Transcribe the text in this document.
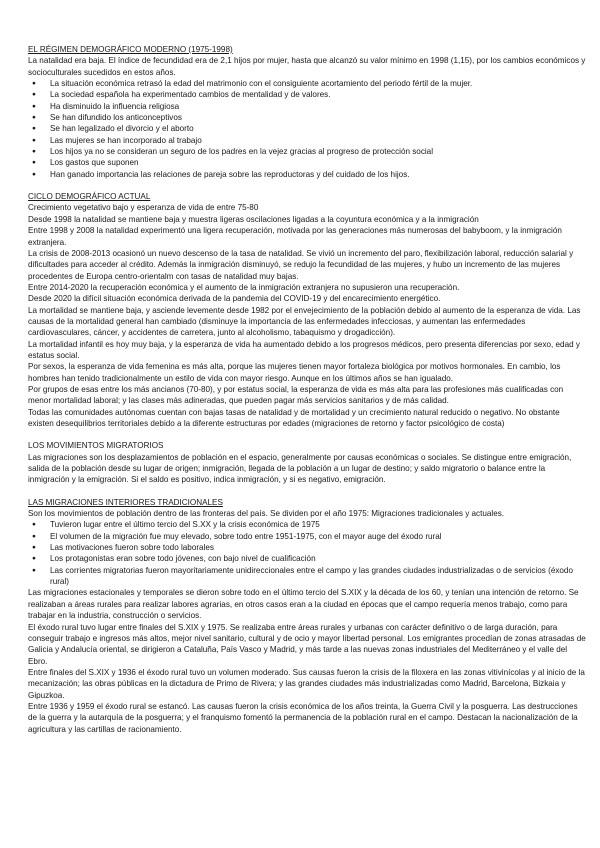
EL RÉGIMEN DEMOGRÁFICO MODERNO (1975-1998)

La natalidad era baja. El índice de fecundidad era de 2,1 hijos por mujer, hasta que alcanzó su valor mínimo en 1998 (1,15), por los cambios económicos y socioculturales sucedidos en estos años.

● La situación económica retrasó la edad del matrimonio con el consiguiente acortamiento del periodo fértil de la mujer.
● La sociedad española ha experimentado cambios de mentalidad y de valores.
● Ha disminuido la influencia religiosa
● Se han difundido los anticonceptivos
● Se han legalizado el divorcio y el aborto
● Las mujeres se han incorporado al trabajo
● Los hijos ya no se consideran un seguro de los padres en la vejez gracias al progreso de protección social
● Los gastos que suponen
● Han ganado importancia las relaciones de pareja sobre las reproductoras y del cuidado de los hijos.

CICLO DEMOGRÁFICO ACTUAL

Crecimiento vegetativo bajo y esperanza de vida de entre 75-80

Desde 1998 la natalidad se mantiene baja y muestra ligeras oscilaciones ligadas a la coyuntura económica y a la inmigración

Entre 1998 y 2008 la natalidad experimentó una ligera recuperación, motivada por las generaciones más numerosas del babyboom, y la inmigración extranjera.

La crisis de 2008-2013 ocasionó un nuevo descenso de la tasa de natalidad. Se vivió un incremento del paro, flexibilización laboral, reducción salarial y dificultades para acceder al crédito. Además la inmigración disminuyó, se redujo la fecundidad de las mujeres, y hubo un incremento de las mujeres procedentes de Europa centro-orientalm con tasas de natalidad muy bajas.

Entre 2014-2020 la recuperación económica y el aumento de la inmigración extranjera no supusieron una recuperación.

Desde 2020 la difícil situación económica derivada de la pandemia del COVID-19 y del encarecimiento energético.

La mortalidad se mantiene baja, y asciende levemente desde 1982 por el envejecimiento de la población debido al aumento de la esperanza de vida. Las causas de la mortalidad general han cambiado (disminuye la importancia de las enfermedades infecciosas, y aumentan las enfermedades cardiovasculares, cáncer, y accidentes de carretera, junto al alcoholismo, tabaquismo y drogadicción).

La mortalidad infantil es hoy muy baja, y la esperanza de vida ha aumentado debido a los progresos médicos, pero presenta diferencias por sexo, edad y estatus social.

Por sexos, la esperanza de vida femenina es más alta, porque las mujeres tienen mayor fortaleza biológica por motivos hormonales. En cambio, los hombres han tenido tradicionalmente un estilo de vida con mayor riesgo. Aunque en los últimos años se han igualado.

Por grupos de esas entre los más ancianos (70-80), y por estatus social, la esperanza de vida es más alta para las profesiones más cualificadas con menor mortalidad laboral; y las clases más adineradas, que pueden pagar más servicios sanitarios y de más calidad.

Todas las comunidades autónomas cuentan con bajas tasas de natalidad y de mortalidad y un crecimiento natural reducido o negativo. No obstante existen desequilibrios territoriales debido a la diferente estructuras por edades (migraciones de retorno y factor psicológico de costa)

LOS MOVIMIENTOS MIGRATORIOS

Las migraciones son los desplazamientos de población en el espacio, generalmente por causas económicas o sociales. Se distingue entre emigración, salida de la población desde su lugar de origen; inmigración, llegada de la población a un lugar de destino; y saldo migratorio o balance entre la inmigración y la emigración. Si el saldo es positivo, indica inmigración, y si es negativo, emigración.

LAS MIGRACIONES INTERIORES TRADICIONALES

Son los movimientos de población dentro de las fronteras del país. Se dividen por el año 1975: Migraciones tradicionales y actuales.

● Tuvieron lugar entre el último tercio del S.XX y la crisis económica de 1975
● El volumen de la migración fue muy elevado, sobre todo entre 1951-1975, con el mayor auge del éxodo rural
● Las motivaciones fueron sobre todo laborales
● Los protagonistas eran sobre todo jóvenes, con bajo nivel de cualificación
● Las corrientes migratorias fueron mayoritariamente unidireccionales entre el campo y las grandes ciudades industrializadas o de servicios (éxodo rural)

Las migraciones estacionales y temporales se dieron sobre todo en el último tercio del S.XIX y la década de los 60, y tenían una intención de retorno. Se realizaban a áreas rurales para realizar labores agrarias, en otros casos eran a la ciudad en épocas que el campo requería menos trabajo, como para trabajar en la industria, construcción o servicios.

El éxodo rural tuvo lugar entre finales del S.XIX y 1975. Se realizaba entre áreas rurales y urbanas con carácter definitivo o de larga duración, para conseguir trabajo e ingresos más altos, mejor nivel sanitario, cultural y de ocio y mayor libertad personal. Los emigrantes procedían de zonas atrasadas de Galicia y Andalucía oriental, se dirigieron a Cataluña, País Vasco y Madrid, y más tarde a las nuevas zonas industriales del Mediterráneo y el valle del Ebro.

Entre finales del S.XIX y 1936 el éxodo rural tuvo un volumen moderado. Sus causas fueron la crisis de la filoxera en las zonas vitivinícolas y al inicio de la mecanización; las obras públicas en la dictadura de Primo de Rivera; y las grandes ciudades más industrializadas como Madrid, Barcelona, Bizkaia y Gipuzkoa.

Entre 1936 y 1959 el éxodo rural se estancó. Las causas fueron la crisis económica de los años treinta, la Guerra Civil y la posguerra. Las destrucciones de la guerra y la autarquía de la posguerra; y el franquismo fomentó la permanencia de la población rural en el campo. Destacan la nacionalización de la agricultura y las cartillas de racionamiento.
